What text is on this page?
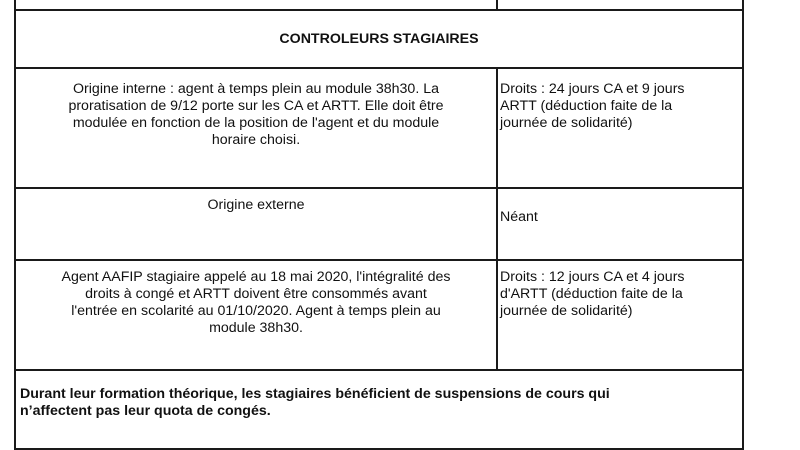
CONTROLEURS STAGIAIRES	
Origine interne : agent à temps plein au module 38h30. La
proratisation de 9/12 porte sur les CA et ARTT. Elle doit être
modulée en fonction de la position de l'agent et du module
horaire choisi.	Droits : 24 jours CA et 9 jours
ARTT (déduction faite de la
journée de solidarité)
Origine externe	Néant
Agent AAFIP stagiaire appelé au 18 mai 2020, l'intégralité des
droits à congé et ARTT doivent être consommés avant
l'entrée en scolarité au 01/10/2020. Agent à temps plein au
module 38h30.	Droits : 12 jours CA et 4 jours
d'ARTT (déduction faite de la
journée de solidarité)
Durant leur formation théorique, les stagiaires bénéficient de suspensions de cours qui
n’affectent pas leur quota de congés.	
